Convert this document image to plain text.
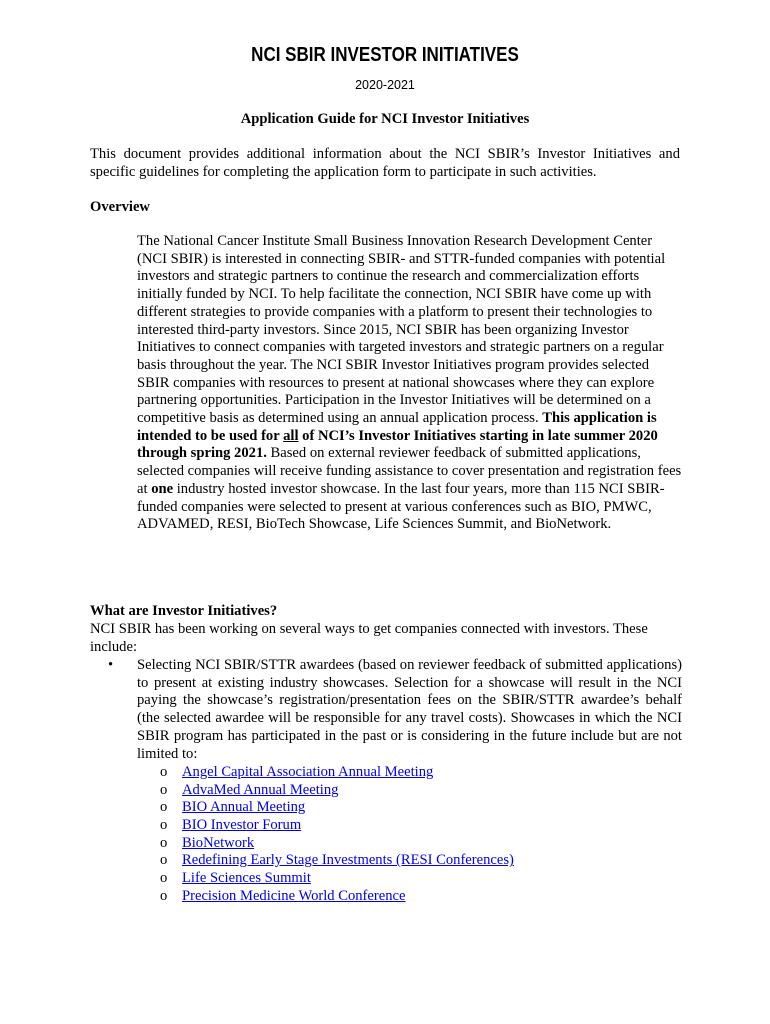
NCI SBIR INVESTOR INITIATIVES
2020-2021
Application Guide for NCI Investor Initiatives
This document provides additional information about the NCI SBIR’s Investor Initiatives and specific guidelines for completing the application form to participate in such activities.
Overview
The National Cancer Institute Small Business Innovation Research Development Center (NCI SBIR) is interested in connecting SBIR- and STTR-funded companies with potential investors and strategic partners to continue the research and commercialization efforts initially funded by NCI. To help facilitate the connection, NCI SBIR have come up with different strategies to provide companies with a platform to present their technologies to interested third-party investors. Since 2015, NCI SBIR has been organizing Investor Initiatives to connect companies with targeted investors and strategic partners on a regular basis throughout the year. The NCI SBIR Investor Initiatives program provides selected SBIR companies with resources to present at national showcases where they can explore partnering opportunities. Participation in the Investor Initiatives will be determined on a competitive basis as determined using an annual application process. This application is intended to be used for all of NCI’s Investor Initiatives starting in late summer 2020 through spring 2021. Based on external reviewer feedback of submitted applications, selected companies will receive funding assistance to cover presentation and registration fees at one industry hosted investor showcase. In the last four years, more than 115 NCI SBIR-funded companies were selected to present at various conferences such as BIO, PMWC, ADVAMED, RESI, BioTech Showcase, Life Sciences Summit, and BioNetwork.
What are Investor Initiatives?
NCI SBIR has been working on several ways to get companies connected with investors. These include:
• Selecting NCI SBIR/STTR awardees (based on reviewer feedback of submitted applications) to present at existing industry showcases. Selection for a showcase will result in the NCI paying the showcase’s registration/presentation fees on the SBIR/STTR awardee’s behalf (the selected awardee will be responsible for any travel costs). Showcases in which the NCI SBIR program has participated in the past or is considering in the future include but are not limited to:
o Angel Capital Association Annual Meeting
o AdvaMed Annual Meeting
o BIO Annual Meeting
o BIO Investor Forum
o BioNetwork
o Redefining Early Stage Investments (RESI Conferences)
o Life Sciences Summit
o Precision Medicine World Conference
